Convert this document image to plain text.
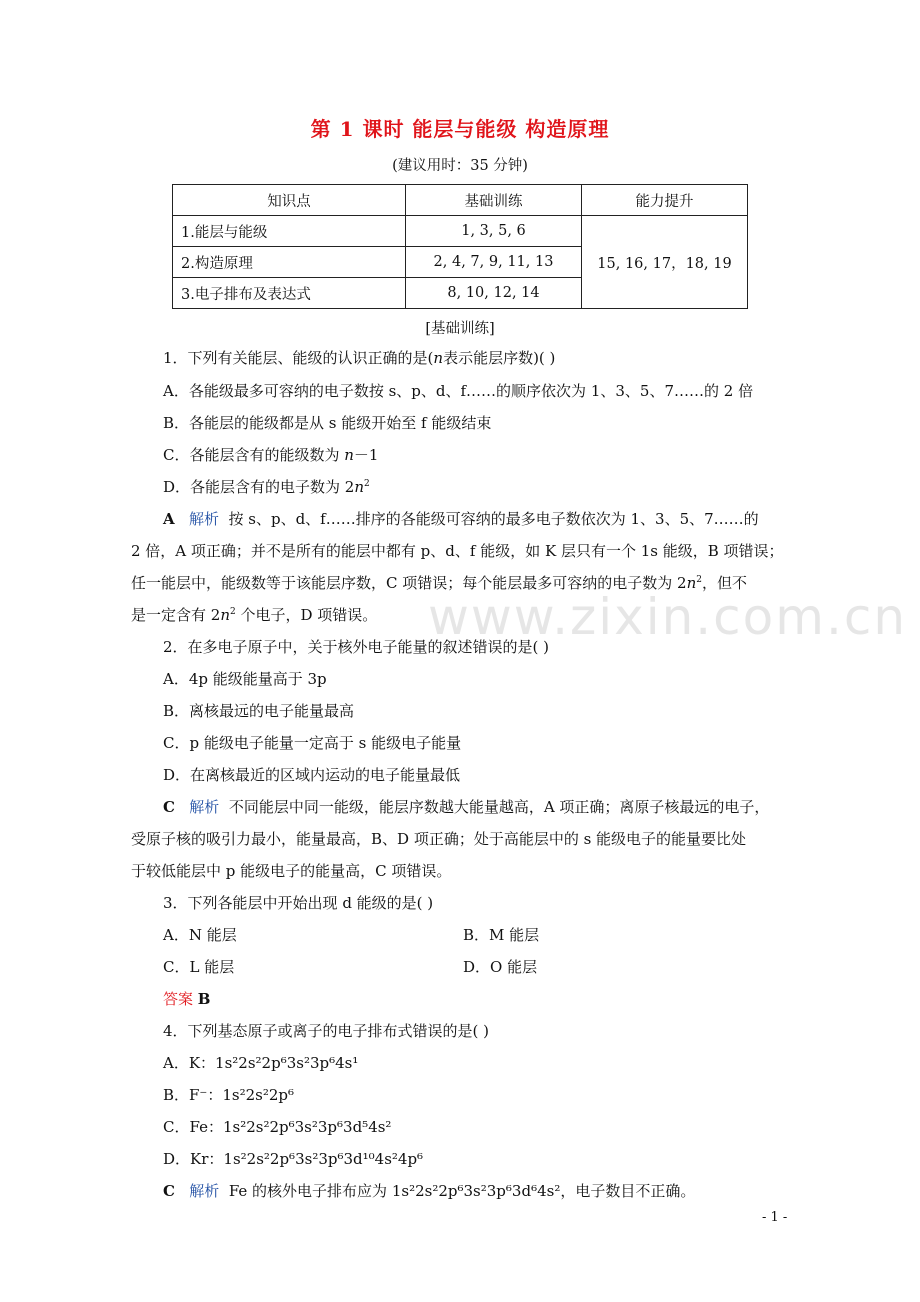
第 1 课时 能层与能级 构造原理
(建议用时：35 分钟)
知识点	基础训练	能力提升
1.能层与能级	1, 3, 5, 6	15, 16, 17，18, 19
2.构造原理	2, 4, 7, 9, 11, 13	
3.电子排布及表达式	8, 10, 12, 14	
[基础训练]
1．下列有关能层、能级的认识正确的是(n表示能层序数)( )
A．各能级最多可容纳的电子数按 s、p、d、f……的顺序依次为 1、3、5、7……的 2 倍
B．各能层的能级都是从 s 能级开始至 f 能级结束
C．各能层含有的能级数为 n－1
D．各能层含有的电子数为 $2n^2$
A 解析 按 s、p、d、f……排序的各能级可容纳的最多电子数依次为 1、3、5、7……的
2 倍，A 项正确；并不是所有的能层中都有 p、d、f 能级，如 K 层只有一个 1s 能级，B 项错误；
任一能层中，能级数等于该能层序数，C 项错误；每个能层最多可容纳的电子数为 $2n^2$，但不
是一定含有 $2n^2$ 个电子，D 项错误。 www.zixin.com.cn
2．在多电子原子中，关于核外电子能量的叙述错误的是( )
A．4p 能级能量高于 3p
B．离核最远的电子能量最高
C．p 能级电子能量一定高于 s 能级电子能量
D．在离核最近的区域内运动的电子能量最低
C 解析 不同能层中同一能级，能层序数越大能量越高，A 项正确；离原子核最远的电子，
受原子核的吸引力最小，能量最高，B、D 项正确；处于高能层中的 s 能级电子的能量要比处
于较低能层中 p 能级电子的能量高，C 项错误。
3．下列各能层中开始出现 d 能级的是( )
A．N 能层	B．M 能层
C．L 能层	D．O 能层
答案 B
4．下列基态原子或离子的电子排布式错误的是( )
A．K：1s²2s²2p⁶3s²3p⁶4s¹
B．F⁻：1s²2s²2p⁶
C．Fe：1s²2s²2p⁶3s²3p⁶3d⁵4s²
D．Kr：1s²2s²2p⁶3s²3p⁶3d¹⁰4s²4p⁶
C 解析 Fe 的核外电子排布应为 1s²2s²2p⁶3s²3p⁶3d⁶4s²，电子数目不正确。
- 1 -
